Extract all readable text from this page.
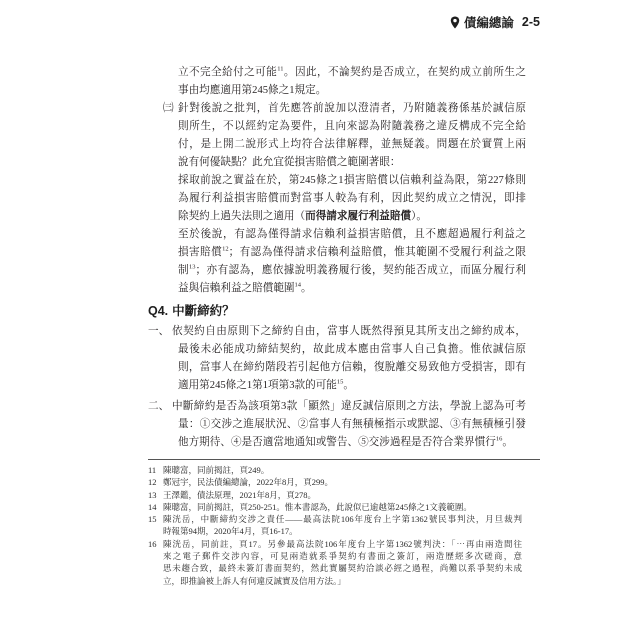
債編總論 2-5
立不完全給付之可能$^{11}$。因此，不論契約是否成立，在契約成立前所生之
事由均應適用第245條之1規定。
㈢ 針對後說之批判，首先應答前說加以澄清者，乃附隨義務係基於誠信原
則所生，不以經約定為要件，且向來認為附隨義務之違反構成不完全給
付，是上開二說形式上均符合法律解釋，並無疑義。問題在於實質上兩
說有何優缺點？此允宜從損害賠償之範圍著眼：
採取前說之實益在於，第245條之1損害賠償以信賴利益為限，第227條則
為履行利益損害賠償而對當事人較為有利，因此契約成立之情況，即排
除契約上過失法則之適用（而得請求履行利益賠償）。
至於後說，有認為僅得請求信賴利益損害賠償，且不應超過履行利益之
損害賠償$^{12}$；有認為僅得請求信賴利益賠償，惟其範圍不受履行利益之限
制$^{13}$；亦有認為，應依據說明義務履行後，契約能否成立，而區分履行利
益與信賴利益之賠償範圍$^{14}$。
Q4. 中斷締約？
一、 依契約自由原則下之締約自由，當事人既然得預見其所支出之締約成本，
最後未必能成功締結契約，故此成本應由當事人自己負擔。惟依誠信原
則，當事人在締約階段若引起他方信賴，復脫離交易致他方受損害，即有
適用第245條之1第1項第3款的可能$^{15}$。
二、 中斷締約是否為該項第3款「顯然」違反誠信原則之方法，學說上認為可考
量：①交涉之進展狀況、②當事人有無積極指示或默認、③有無積極引發
他方期待、④是否適當地通知或警告、⑤交涉過程是否符合業界慣行$^{16}$。
11 陳聰富，同前揭註，頁249。
12 鄭冠宇，民法債編總論，2022年8月，頁299。
13 王澤鑑，債法原理，2021年8月，頁278。
14 陳聰富，同前揭註，頁250-251。惟本書認為，此說似已逾越第245條之1文義範圍。
15 陳洸岳，中斷締約交涉之責任——最高法院106年度台上字第1362號民事判決，月旦裁判
時報第94期，2020年4月，頁16-17。
16 陳洸岳，同前註，頁17。另參最高法院106年度台上字第1362號判決：「⋯再由兩造間往
來之電子郵件交涉內容，可見兩造就系爭契約有書面之簽訂，兩造歷經多次磋商，意
思未趨合致，最終未簽訂書面契約，然此實屬契約洽談必經之過程，尚難以系爭契約未成
立，即推論被上訴人有何違反誠實及信用方法。」
